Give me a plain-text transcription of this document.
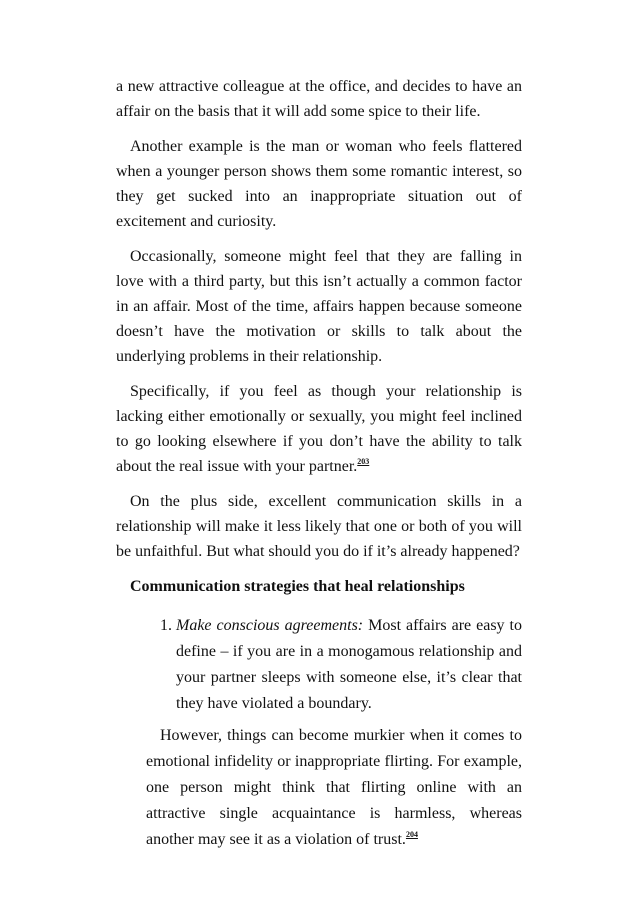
a new attractive colleague at the office, and decides to have an affair on the basis that it will add some spice to their life.

Another example is the man or woman who feels flattered when a younger person shows them some romantic interest, so they get sucked into an inappropriate situation out of excitement and curiosity.

Occasionally, someone might feel that they are falling in love with a third party, but this isn’t actually a common factor in an affair. Most of the time, affairs happen because someone doesn’t have the motivation or skills to talk about the underlying problems in their relationship.

Specifically, if you feel as though your relationship is lacking either emotionally or sexually, you might feel inclined to go looking elsewhere if you don’t have the ability to talk about the real issue with your partner.$^{203}$

On the plus side, excellent communication skills in a relationship will make it less likely that one or both of you will be unfaithful. But what should you do if it’s already happened?

Communication strategies that heal relationships
1. Make conscious agreements: Most affairs are easy to define – if you are in a monogamous relationship and your partner sleeps with someone else, it’s clear that they have violated a boundary.

However, things can become murkier when it comes to emotional infidelity or inappropriate flirting. For example, one person might think that flirting online with an attractive single acquaintance is harmless, whereas another may see it as a violation of trust.$^{204}$
